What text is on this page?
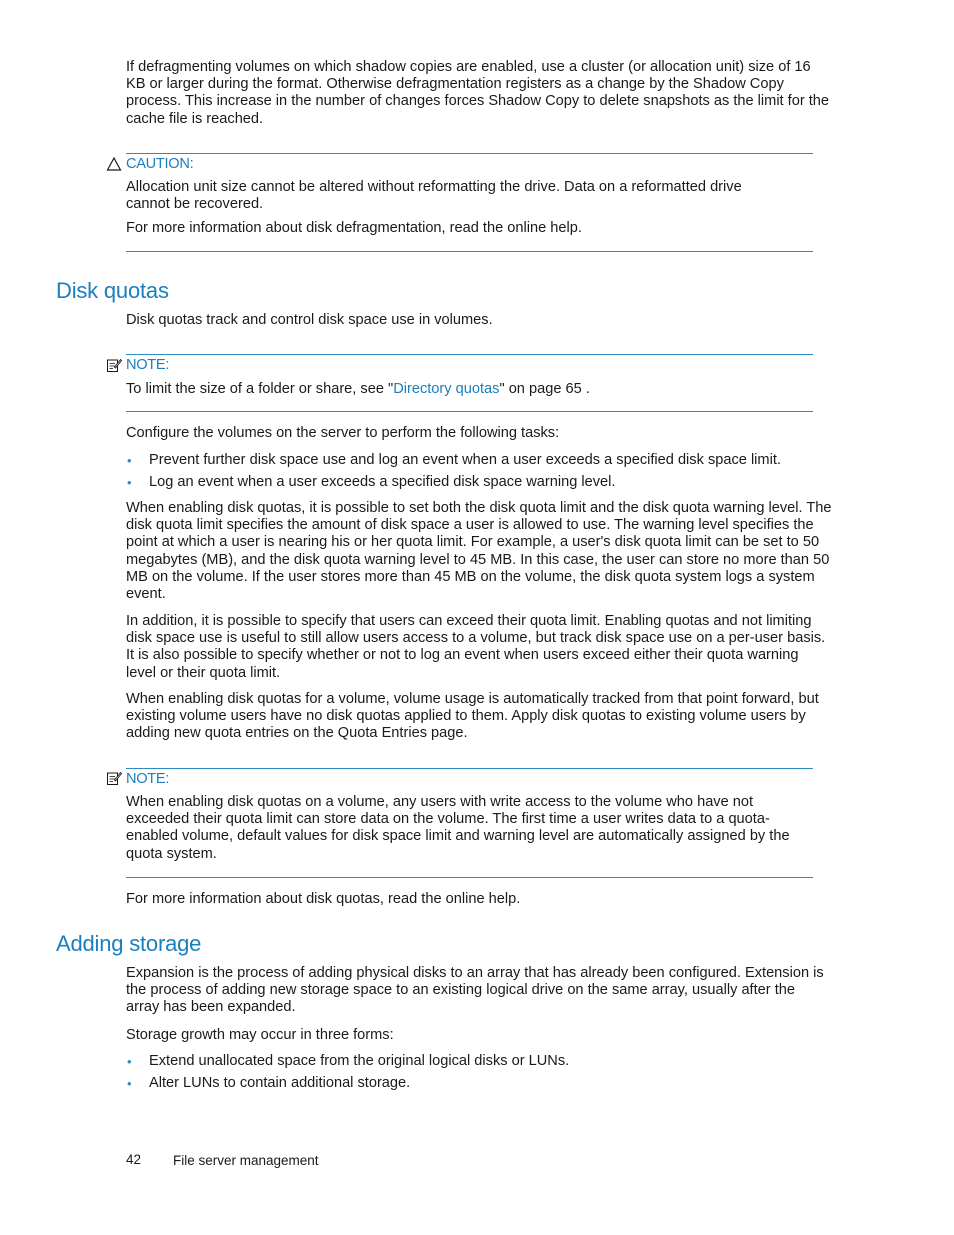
If defragmenting volumes on which shadow copies are enabled, use a cluster (or allocation unit) size of 16 KB or larger during the format. Otherwise defragmentation registers as a change by the Shadow Copy process. This increase in the number of changes forces Shadow Copy to delete snapshots as the limit for the cache file is reached.

CAUTION:

Allocation unit size cannot be altered without reformatting the drive. Data on a reformatted drive cannot be recovered.

For more information about disk defragmentation, read the online help.

Disk quotas

Disk quotas track and control disk space use in volumes.

NOTE:

To limit the size of a folder or share, see "Directory quotas" on page 65 .

Configure the volumes on the server to perform the following tasks:

• Prevent further disk space use and log an event when a user exceeds a specified disk space limit.
• Log an event when a user exceeds a specified disk space warning level.

When enabling disk quotas, it is possible to set both the disk quota limit and the disk quota warning level. The disk quota limit specifies the amount of disk space a user is allowed to use. The warning level specifies the point at which a user is nearing his or her quota limit. For example, a user's disk quota limit can be set to 50 megabytes (MB), and the disk quota warning level to 45 MB. In this case, the user can store no more than 50 MB on the volume. If the user stores more than 45 MB on the volume, the disk quota system logs a system event.

In addition, it is possible to specify that users can exceed their quota limit. Enabling quotas and not limiting disk space use is useful to still allow users access to a volume, but track disk space use on a per-user basis. It is also possible to specify whether or not to log an event when users exceed either their quota warning level or their quota limit.

When enabling disk quotas for a volume, volume usage is automatically tracked from that point forward, but existing volume users have no disk quotas applied to them. Apply disk quotas to existing volume users by adding new quota entries on the Quota Entries page.

NOTE:

When enabling disk quotas on a volume, any users with write access to the volume who have not exceeded their quota limit can store data on the volume. The first time a user writes data to a quota-enabled volume, default values for disk space limit and warning level are automatically assigned by the quota system.

For more information about disk quotas, read the online help.

Adding storage

Expansion is the process of adding physical disks to an array that has already been configured. Extension is the process of adding new storage space to an existing logical drive on the same array, usually after the array has been expanded.

Storage growth may occur in three forms:

• Extend unallocated space from the original logical disks or LUNs.
• Alter LUNs to contain additional storage.
42 File server management
